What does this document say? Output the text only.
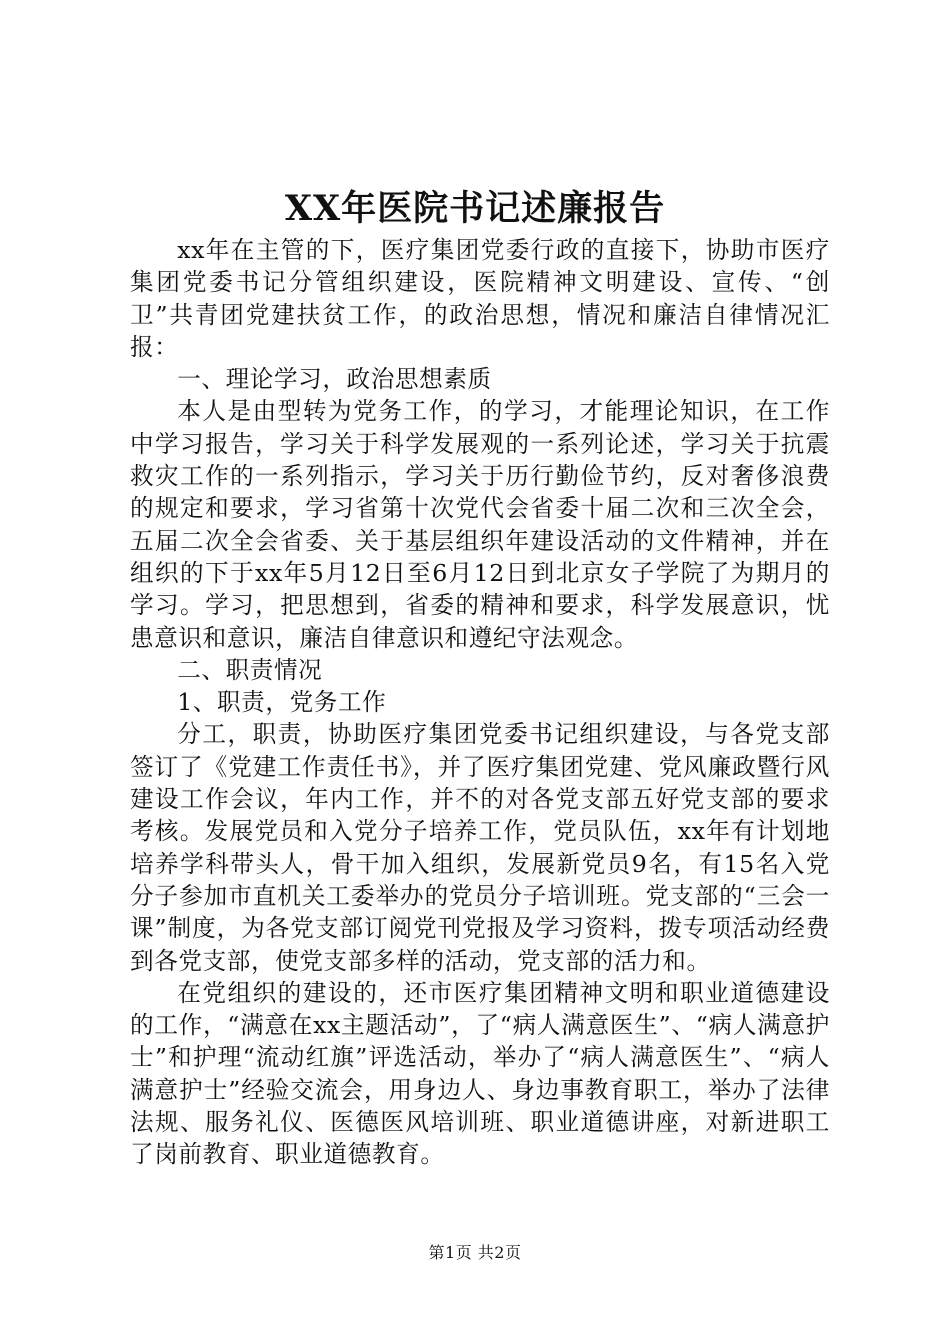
XX年医院书记述廉报告

xx年在主管的下，医疗集团党委行政的直接下，协助市医疗集团党委书记分管组织建设，医院精神文明建设、宣传、“创卫”共青团党建扶贫工作，的政治思想，情况和廉洁自律情况汇报：

一、理论学习，政治思想素质

本人是由型转为党务工作，的学习，才能理论知识，在工作中学习报告，学习关于科学发展观的一系列论述，学习关于抗震救灾工作的一系列指示，学习关于历行勤俭节约，反对奢侈浪费的规定和要求，学习省第十次党代会省委十届二次和三次全会，五届二次全会省委、关于基层组织年建设活动的文件精神，并在组织的下于xx年5月12日至6月12日到北京女子学院了为期月的学习。学习，把思想到，省委的精神和要求，科学发展意识，忧患意识和意识，廉洁自律意识和遵纪守法观念。

二、职责情况

1、职责，党务工作

分工，职责，协助医疗集团党委书记组织建设，与各党支部签订了《党建工作责任书》，并了医疗集团党建、党风廉政暨行风建设工作会议，年内工作，并不的对各党支部五好党支部的要求考核。发展党员和入党分子培养工作，党员队伍，xx年有计划地培养学科带头人，骨干加入组织，发展新党员9名，有15名入党分子参加市直机关工委举办的党员分子培训班。党支部的“三会一课”制度，为各党支部订阅党刊党报及学习资料，拨专项活动经费到各党支部，使党支部多样的活动，党支部的活力和。

在党组织的建设的，还市医疗集团精神文明和职业道德建设的工作，“满意在xx主题活动”，了“病人满意医生”、“病人满意护士”和护理“流动红旗”评选活动，举办了“病人满意医生”、“病人满意护士”经验交流会，用身边人、身边事教育职工，举办了法律法规、服务礼仪、医德医风培训班、职业道德讲座，对新进职工了岗前教育、职业道德教育。

第1页 共2页
